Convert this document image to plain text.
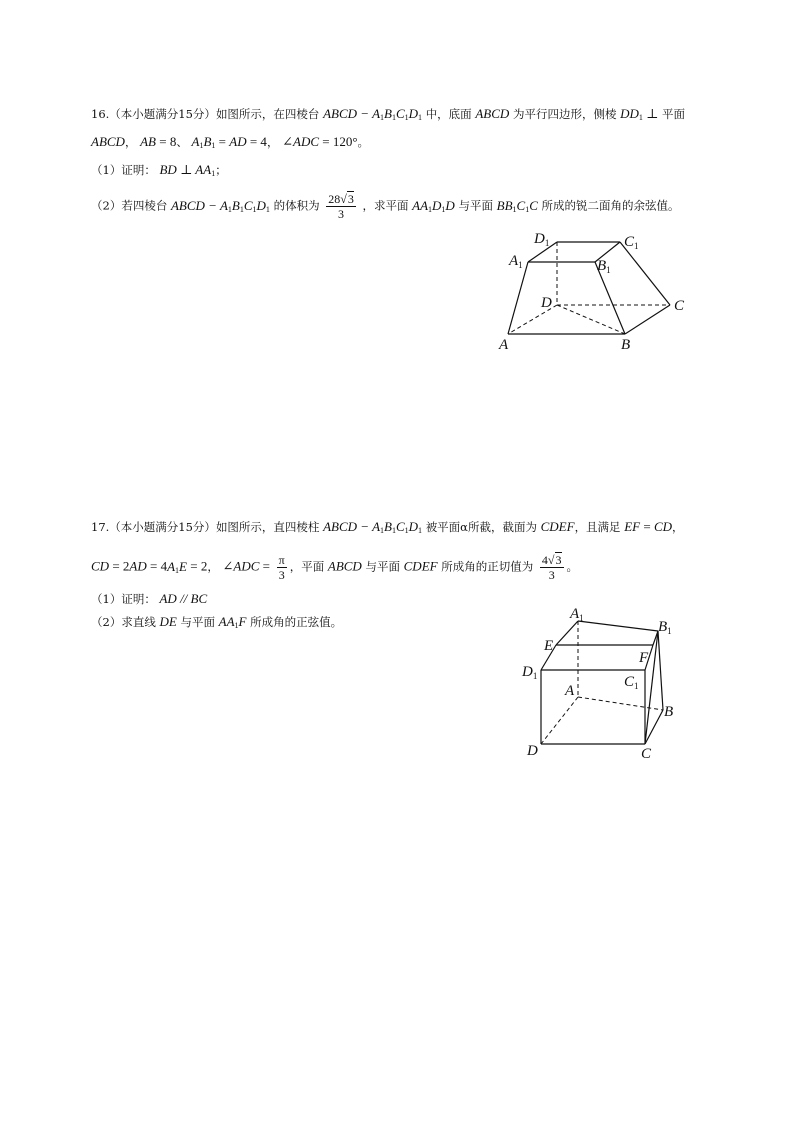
16.（本小题满分15分）如图所示，在四棱台 ABCD − $A_1B_1C_1D_1$ 中，底面 ABCD 为平行四边形，侧棱 $DD_1$ ⊥ 平面
ABCD， AB = 8、 $A_1B_1$ = AD = 4， ∠ADC = 120°。
（1）证明： BD ⊥ $AA_1$；
（2）若四棱台 ABCD − $A_1B_1C_1D_1$ 的体积为 $\frac{28√3}{3}$ ，求平面 $AA_1D_1D$ 与平面 $BB_1C_1C$ 所成的锐二面角的余弦值。
$D_1$	$C_1$
$A_1$	$B_1$
D	C
A	B
17.（本小题满分15分）如图所示，直四棱柱 ABCD − $A_1B_1C_1D_1$ 被平面α所截，截面为 CDEF，且满足 EF = CD，
CD = $2AD = 4A_1E = 2$， ∠ADC = $\frac{\pi}{3}$ ，平面 ABCD 与平面 CDEF 所成角的正切值为 $\frac{4√3}{3}$ 。
（1）证明： AD // BC
（2）求直线 DE 与平面 $AA_1F$ 所成角的正弦值。	$A_1$
$B_1$
E
F
$D_1$	$C_1$
A
B
D	C
